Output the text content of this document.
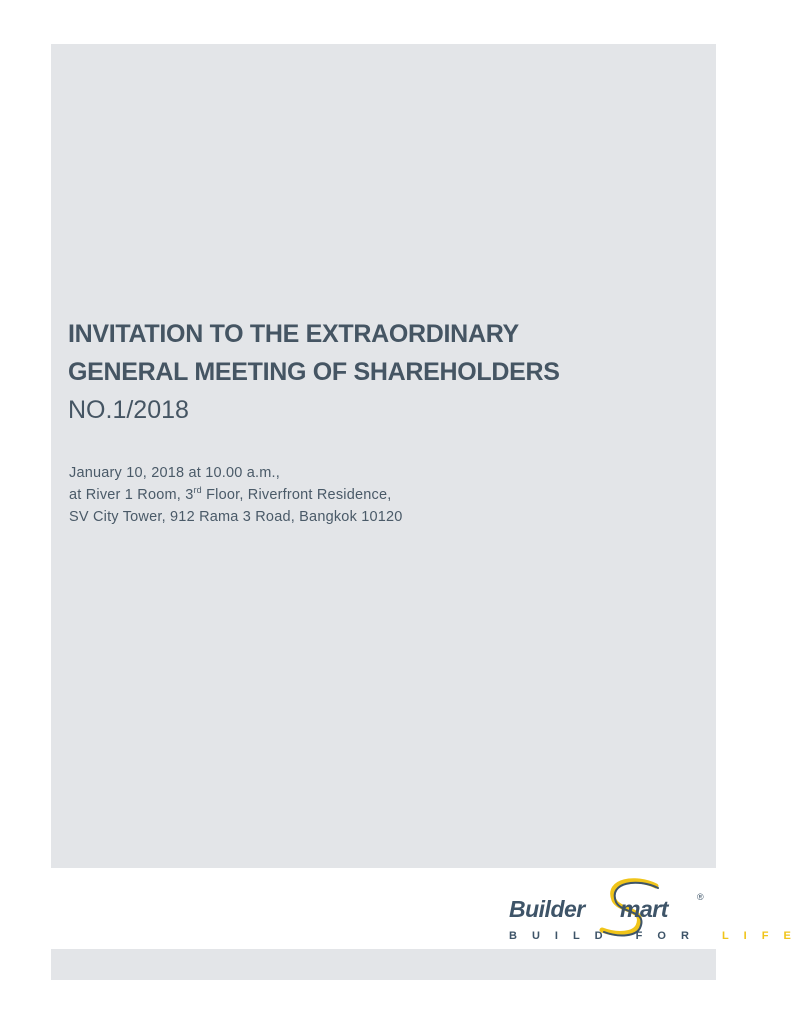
INVITATION TO THE EXTRAORDINARY
GENERAL MEETING OF SHAREHOLDERS
NO.1/2018
January 10, 2018 at 10.00 a.m.,
at River 1 Room, 3rd Floor, Riverfront Residence,
SV City Tower, 912 Rama 3 Road, Bangkok 10120
Builder mart	®
BUILD FOR LIFE
